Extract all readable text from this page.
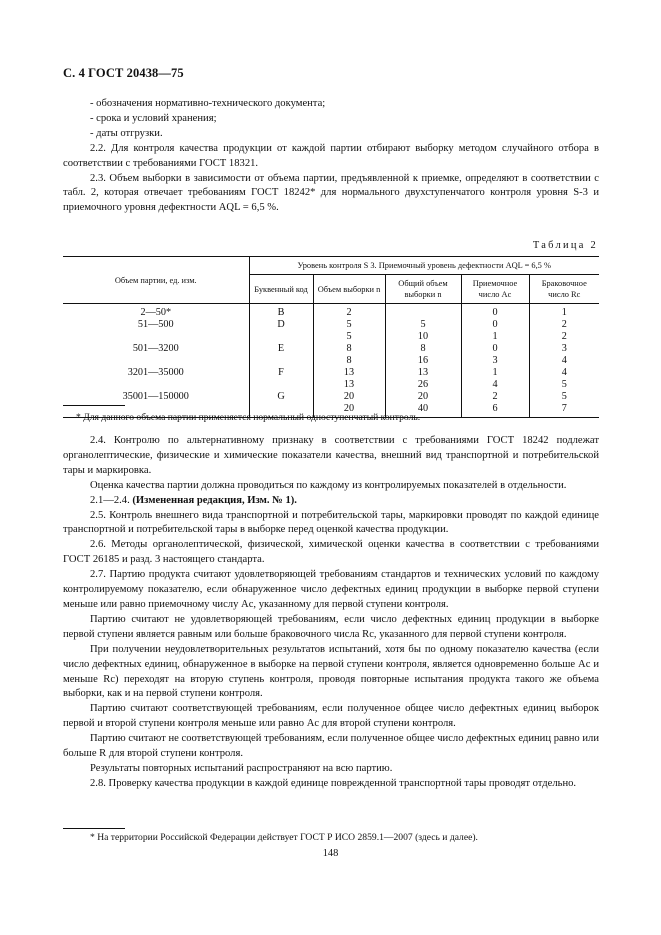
С. 4 ГОСТ 20438—75
- обозначения нормативно-технического документа;
- срока и условий хранения;
- даты отгрузки.

2.2. Для контроля качества продукции от каждой партии отбирают выборку методом случайного отбора в соответствии с требованиями ГОСТ 18321.

2.3. Объем выборки в зависимости от объема партии, предъявленной к приемке, определяют в соответствии с табл. 2, которая отвечает требованиям ГОСТ 18242* для нормального двухступенчатого контроля уровня S-3 и приемочного уровня дефектности AQL = 6,5 %.

Таблица 2
Объем партии, ед. изм.	Уровень контроля S 3. Приемочный уровень дефектности AQL = 6,5 %				
	Буквенный код	Объем выборки n	Общий объем выборки n	Приемочное число Ac	Браковочное число Rc
2—50*	B	2		0	1
51—500	D	5	5	0	2
		5	10	1	2
501—3200	E	8	8	0	3
		8	16	3	4
3201—35000	F	13	13	1	4
		13	26	4	5
35001—150000	G	20	20	2	5
		20	40	6	7
* Для данного объема партии применяется нормальный одноступенчатый контроль.

2.4. Контролю по альтернативному признаку в соответствии с требованиями ГОСТ 18242 подлежат органолептические, физические и химические показатели качества, внешний вид транспортной и потребительской тары и маркировка.

Оценка качества партии должна проводиться по каждому из контролируемых показателей в отдельности.

2.1—2.4. (Измененная редакция, Изм. № 1).

2.5. Контроль внешнего вида транспортной и потребительской тары, маркировки проводят по каждой единице транспортной и потребительской тары в выборке перед оценкой качества продукции.

2.6. Методы органолептической, физической, химической оценки качества в соответствии с требованиями ГОСТ 26185 и разд. 3 настоящего стандарта.

2.7. Партию продукта считают удовлетворяющей требованиям стандартов и технических условий по каждому контролируемому показателю, если обнаруженное число дефектных единиц продукции в выборке первой ступени меньше или равно приемочному числу Ac, указанному для первой ступени контроля.

Партию считают не удовлетворяющей требованиям, если число дефектных единиц продукции в выборке первой ступени является равным или больше браковочного числа Rc, указанного для первой ступени контроля.

При получении неудовлетворительных результатов испытаний, хотя бы по одному показателю качества (если число дефектных единиц, обнаруженное в выборке на первой ступени контроля, является одновременно больше Ac и меньше Rc) переходят на вторую ступень контроля, проводя повторные испытания продукта такого же объема выборки, как и на первой ступени контроля.

Партию считают соответствующей требованиям, если полученное общее число дефектных единиц выборок первой и второй ступени контроля меньше или равно Ac для второй ступени контроля.

Партию считают не соответствующей требованиям, если полученное общее число дефектных единиц равно или больше R для второй ступени контроля.

Результаты повторных испытаний распространяют на всю партию.

2.8. Проверку качества продукции в каждой единице поврежденной транспортной тары проводят отдельно.

* На территории Российской Федерации действует ГОСТ Р ИСО 2859.1—2007 (здесь и далее).
148
